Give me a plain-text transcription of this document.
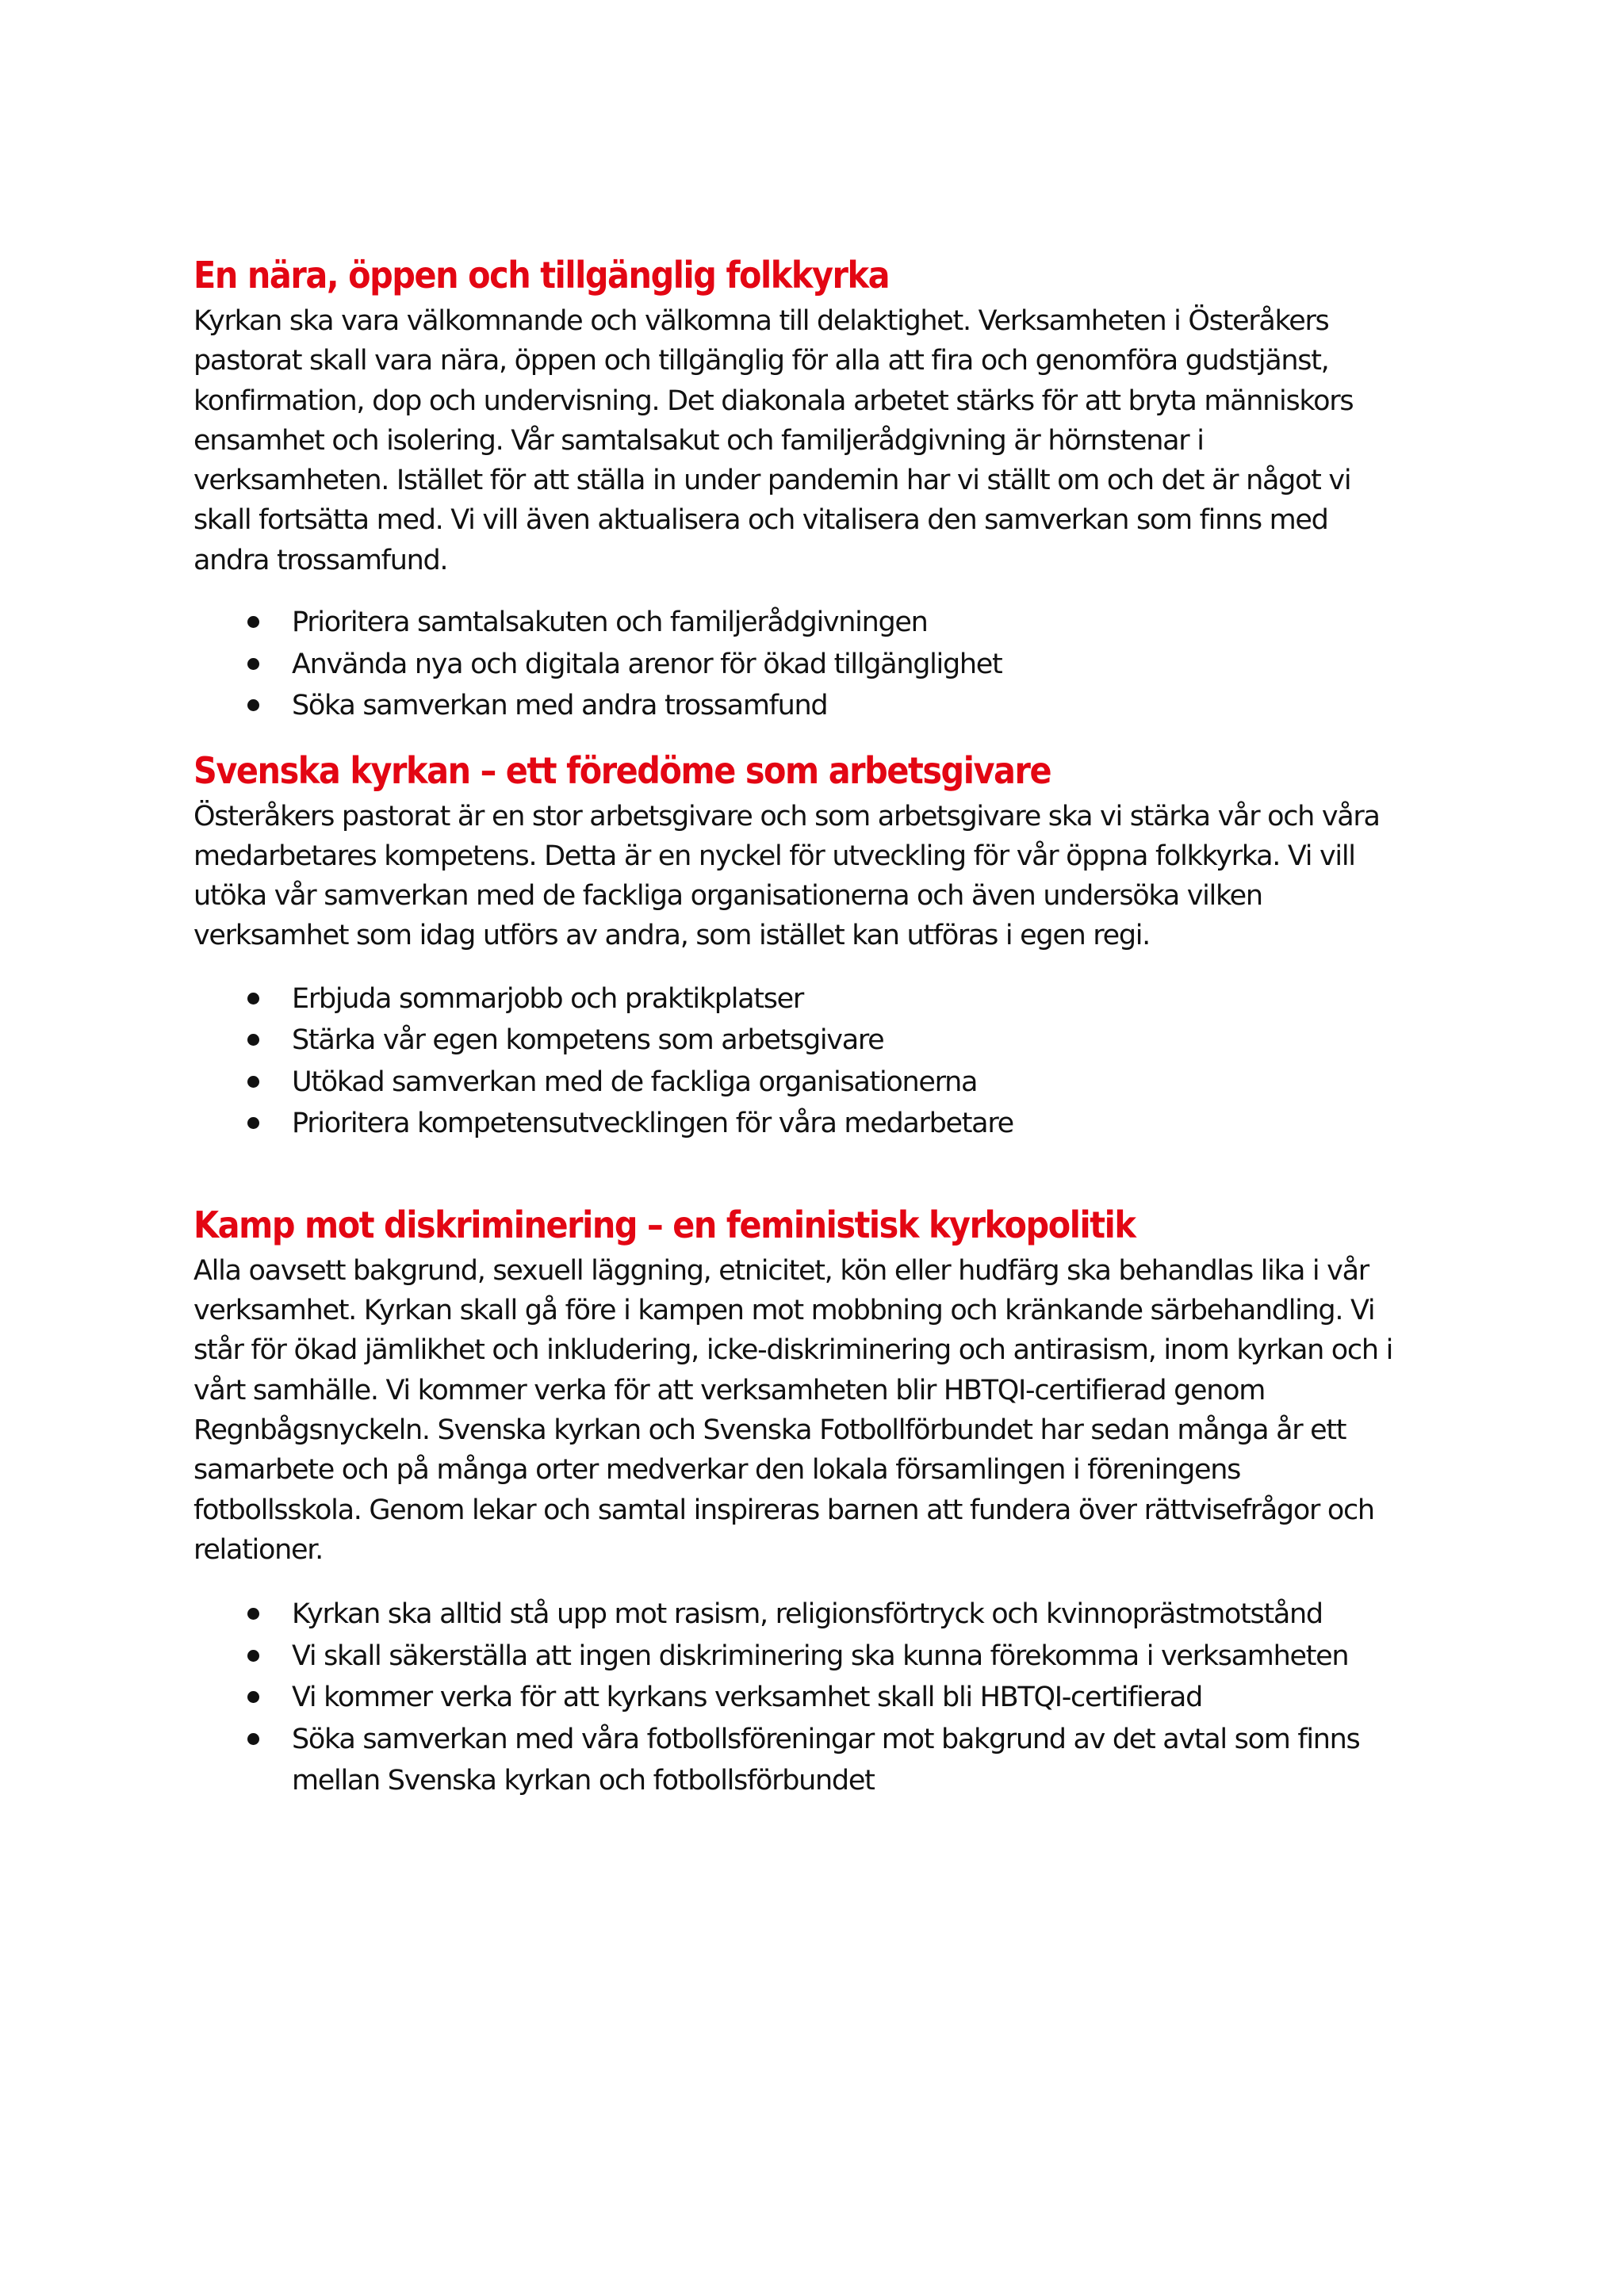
En nära, öppen och tillgänglig folkkyrka

Kyrkan ska vara välkomnande och välkomna till delaktighet. Verksamheten i Österåkers
pastorat skall vara nära, öppen och tillgänglig för alla att fira och genomföra gudstjänst,
konfirmation, dop och undervisning. Det diakonala arbetet stärks för att bryta människors
ensamhet och isolering. Vår samtalsakut och familjerådgivning är hörnstenar i
verksamheten. Istället för att ställa in under pandemin har vi ställt om och det är något vi
skall fortsätta med. Vi vill även aktualisera och vitalisera den samverkan som finns med
andra trossamfund.

Prioritera samtalsakuten och familjerådgivningen
Använda nya och digitala arenor för ökad tillgänglighet
Söka samverkan med andra trossamfund
Svenska kyrkan – ett föredöme som arbetsgivare

Österåkers pastorat är en stor arbetsgivare och som arbetsgivare ska vi stärka vår och våra
medarbetares kompetens. Detta är en nyckel för utveckling för vår öppna folkkyrka. Vi vill
utöka vår samverkan med de fackliga organisationerna och även undersöka vilken
verksamhet som idag utförs av andra, som istället kan utföras i egen regi.

Erbjuda sommarjobb och praktikplatser
Stärka vår egen kompetens som arbetsgivare
Utökad samverkan med de fackliga organisationerna
Prioritera kompetensutvecklingen för våra medarbetare
Kamp mot diskriminering – en feministisk kyrkopolitik

Alla oavsett bakgrund, sexuell läggning, etnicitet, kön eller hudfärg ska behandlas lika i vår
verksamhet. Kyrkan skall gå före i kampen mot mobbning och kränkande särbehandling. Vi
står för ökad jämlikhet och inkludering, icke-diskriminering och antirasism, inom kyrkan och i
vårt samhälle. Vi kommer verka för att verksamheten blir HBTQI-certifierad genom
Regnbågsnyckeln. Svenska kyrkan och Svenska Fotbollförbundet har sedan många år ett
samarbete och på många orter medverkar den lokala församlingen i föreningens
fotbollsskola. Genom lekar och samtal inspireras barnen att fundera över rättvisefrågor och
relationer.

Kyrkan ska alltid stå upp mot rasism, religionsförtryck och kvinnoprästmotstånd
Vi skall säkerställa att ingen diskriminering ska kunna förekomma i verksamheten
Vi kommer verka för att kyrkans verksamhet skall bli HBTQI-certifierad
Söka samverkan med våra fotbollsföreningar mot bakgrund av det avtal som finns
mellan Svenska kyrkan och fotbollsförbundet
